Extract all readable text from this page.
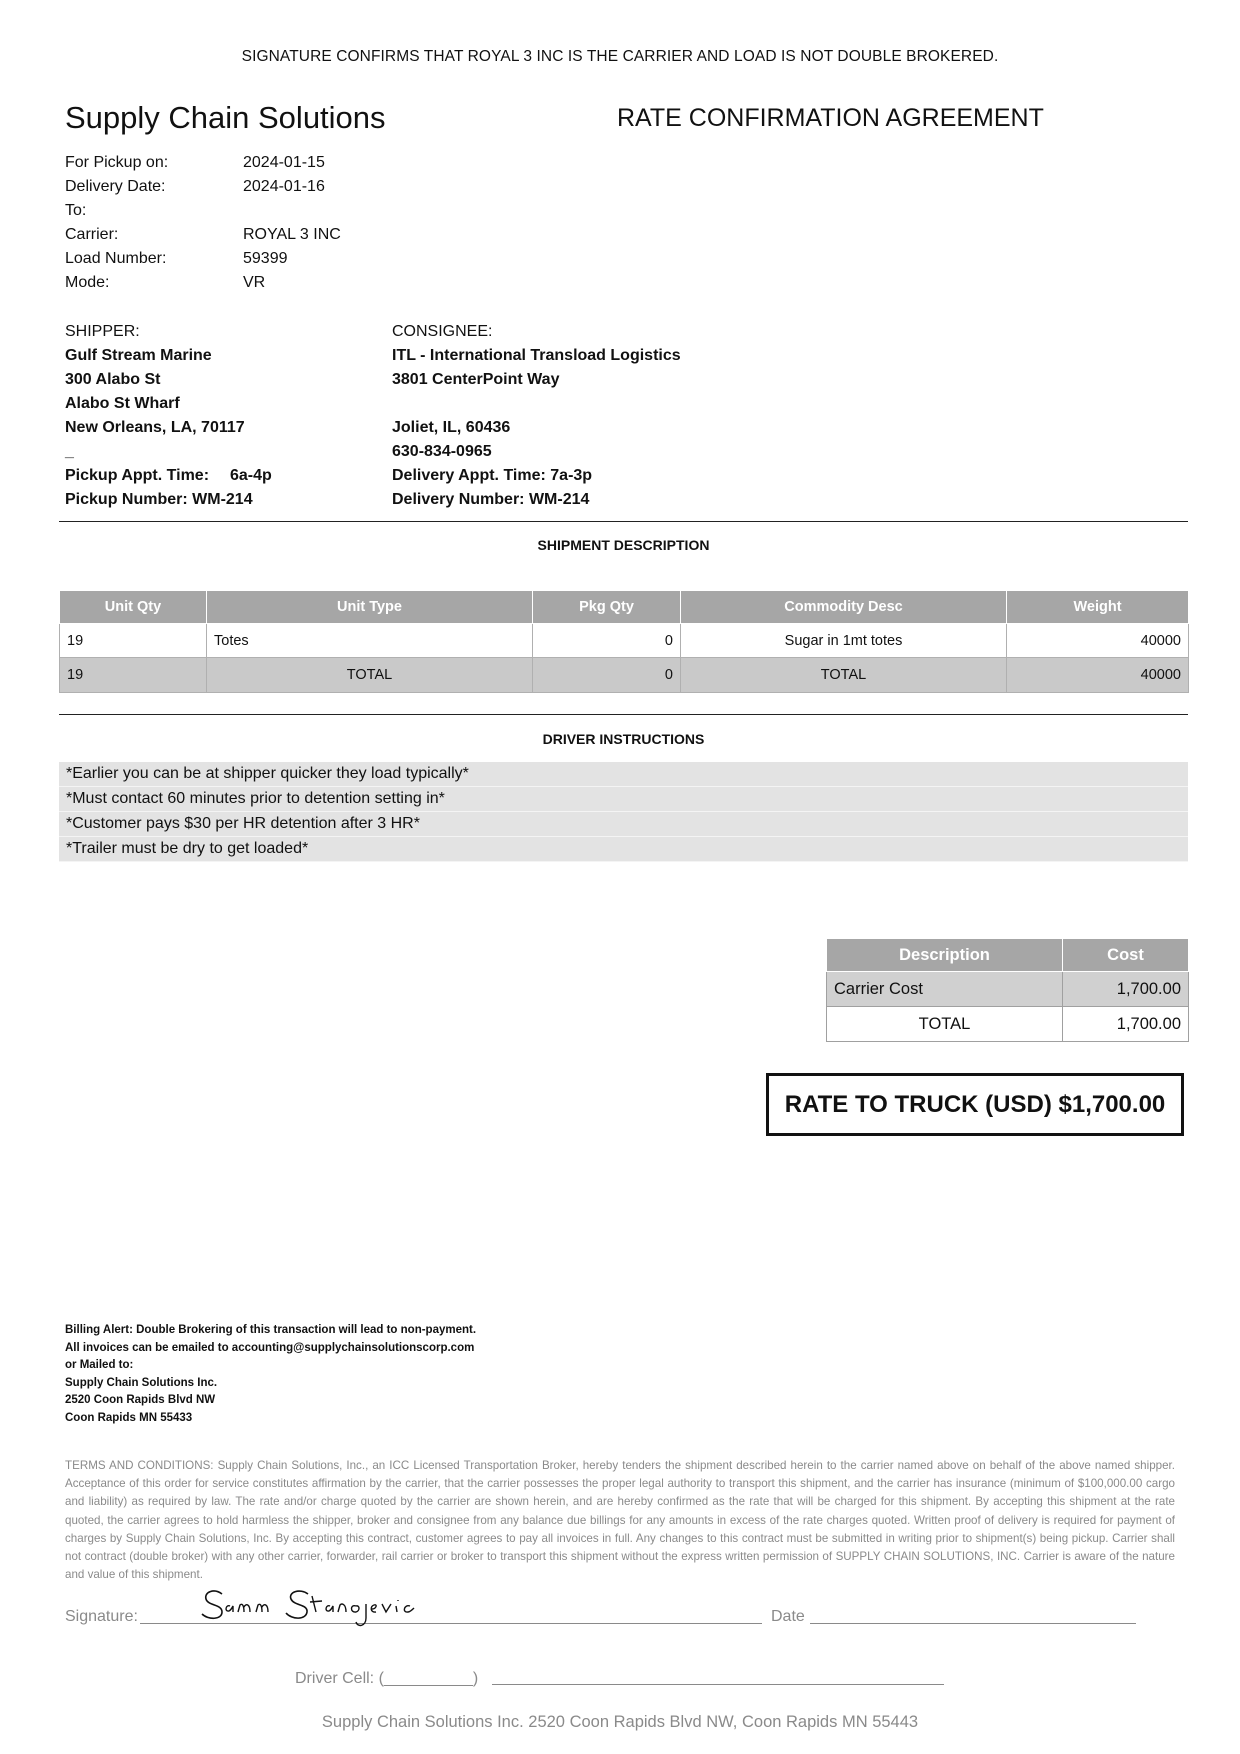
SIGNATURE CONFIRMS THAT ROYAL 3 INC IS THE CARRIER AND LOAD IS NOT DOUBLE BROKERED.
Supply Chain Solutions	RATE CONFIRMATION AGREEMENT
For Pickup on:	2024-01-15
Delivery Date:	2024-01-16
To:
Carrier:	ROYAL 3 INC
Load Number:	59399
Mode:	VR
SHIPPER:
Gulf Stream Marine
300 Alabo St
Alabo St Wharf
New Orleans, LA, 70117
_
Pickup Appt. Time: 6a-4p
Pickup Number: WM-214
CONSIGNEE:
ITL - International Transload Logistics
3801 CenterPoint Way
Joliet, IL, 60436
630-834-0965
Delivery Appt. Time: 7a-3p
Delivery Number: WM-214
SHIPMENT DESCRIPTION
Unit Qty	Unit Type	Pkg Qty	Commodity Desc	Weight
19	Totes	0	Sugar in 1mt totes	40000
19	TOTAL	0	TOTAL	40000
DRIVER INSTRUCTIONS
*Earlier you can be at shipper quicker they load typically*
*Must contact 60 minutes prior to detention setting in*
*Customer pays $30 per HR detention after 3 HR*
*Trailer must be dry to get loaded*
Description	Cost
Carrier Cost	1,700.00
TOTAL	1,700.00
RATE TO TRUCK (USD) $1,700.00
Billing Alert: Double Brokering of this transaction will lead to non-payment.
All invoices can be emailed to accounting@supplychainsolutionscorp.com
or Mailed to:
Supply Chain Solutions Inc.
2520 Coon Rapids Blvd NW
Coon Rapids MN 55433
TERMS AND CONDITIONS: Supply Chain Solutions, Inc., an ICC Licensed Transportation Broker, hereby tenders the shipment described herein to the carrier named above on behalf of the above named shipper. Acceptance of this order for service constitutes affirmation by the carrier, that the carrier possesses the proper legal authority to transport this shipment, and the carrier has insurance (minimum of $100,000.00 cargo and liability) as required by law. The rate and/or charge quoted by the carrier are shown herein, and are hereby confirmed as the rate that will be charged for this shipment. By accepting this shipment at the rate quoted, the carrier agrees to hold harmless the shipper, broker and consignee from any balance due billings for any amounts in excess of the rate charges quoted. Written proof of delivery is required for payment of charges by Supply Chain Solutions, Inc. By accepting this contract, customer agrees to pay all invoices in full. Any changes to this contract must be submitted in writing prior to shipment(s) being pickup. Carrier shall not contract (double broker) with any other carrier, forwarder, rail carrier or broker to transport this shipment without the express written permission of SUPPLY CHAIN SOLUTIONS, INC. Carrier is aware of the nature and value of this shipment.
Signature:	Date
Driver Cell: (__________)
Supply Chain Solutions Inc. 2520 Coon Rapids Blvd NW, Coon Rapids MN 55443
